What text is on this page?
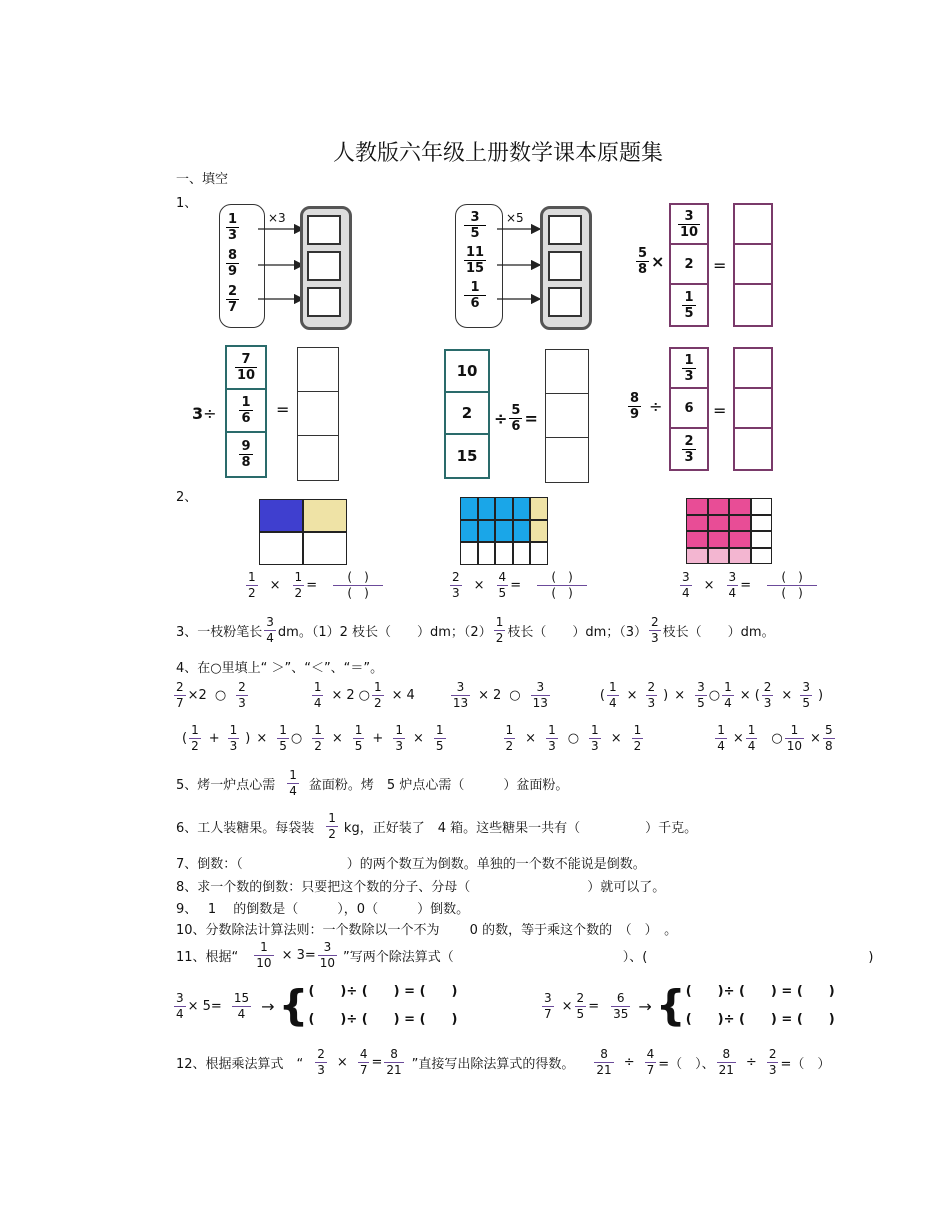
人教版六年级上册数学课本原题集
一、填空
1、
1
3
8
9
2
7
×3	3
5
11
15
1
6
×5
5
8 ×
3
10
2
1
5
=
3 ÷
7
10
1
6
9
8
=
10
2
15
÷ 5
6 =
8
9 ÷
1
3
6
2
3
=
2、
1
2 ×
1
2 =
(　)
(　)
2
3 ×
4
5 =
(　)
(　)
3
4 ×
3
4 =
(　)
(　)
3、一枝粉笔长
3
4 dm。（1）2 枝长（　　）dm；（2）
1
2 枝长（　　）dm；（3）
2
3 枝长（　　）dm。
4、在○里填上“ ＞”、“＜”、“＝”。
2
7 × 2 ○
2
3
1
4 × 2 ○
1
2 × 4
3
13 × 2 ○
3
13	(
1
4 ×
2
3 ) ×
3
5 ○
1
4 × (
2
3 ×
3
5 )
(
1
2 +
1
3 ) ×
1
5 ○
1
2 ×
1
5 +
1
3 ×
1
5
1
2 ×
1
3 ○
1
3 ×
1
2
1
4 ×
1
4 ○
1
10 ×
5
8
5、烤一炉点心需
1
4 盆面粉。烤　5 炉点心需（　　　）盆面粉。
6、工人装糖果。每袋装
1
2 kg，正好装了　4 箱。这些糖果一共有（　　　　　）千克。
7、倒数：（　　　　　　　　）的两个数互为倒数。单独的一个数不能说是倒数。
8、求一个数的倒数：只要把这个数的分子、分母（　　　　　　　　　）就可以了。
9、　 1　 的倒数是（　　　），0（　　　）倒数。
10、分数除法计算法则：一个数除以一个不为　　 0 的数，等于乘这个数的　（　）　。
11、根据“
1
10 × 3=
3
10 ”写两个除法算式（　　　　　　　　　　　　　）、(　　　　　　　　　　　　　　　　　)
3
4 × 5=
15
4 → { (　　)÷ (　　) = (　　)
(　　)÷ (　　) = (　　)
3
7 ×
2
5 =
6
35 → { (　　)÷ (　　) = (　　)
(　　)÷ (　　) = (　　)
12、根据乘法算式　“
2
3 ×
4
7 =
8
21 ”直接写出除法算式的得数。
8
21 ÷
4
7 =（　）、
8
21 ÷
2
3 =（　）
